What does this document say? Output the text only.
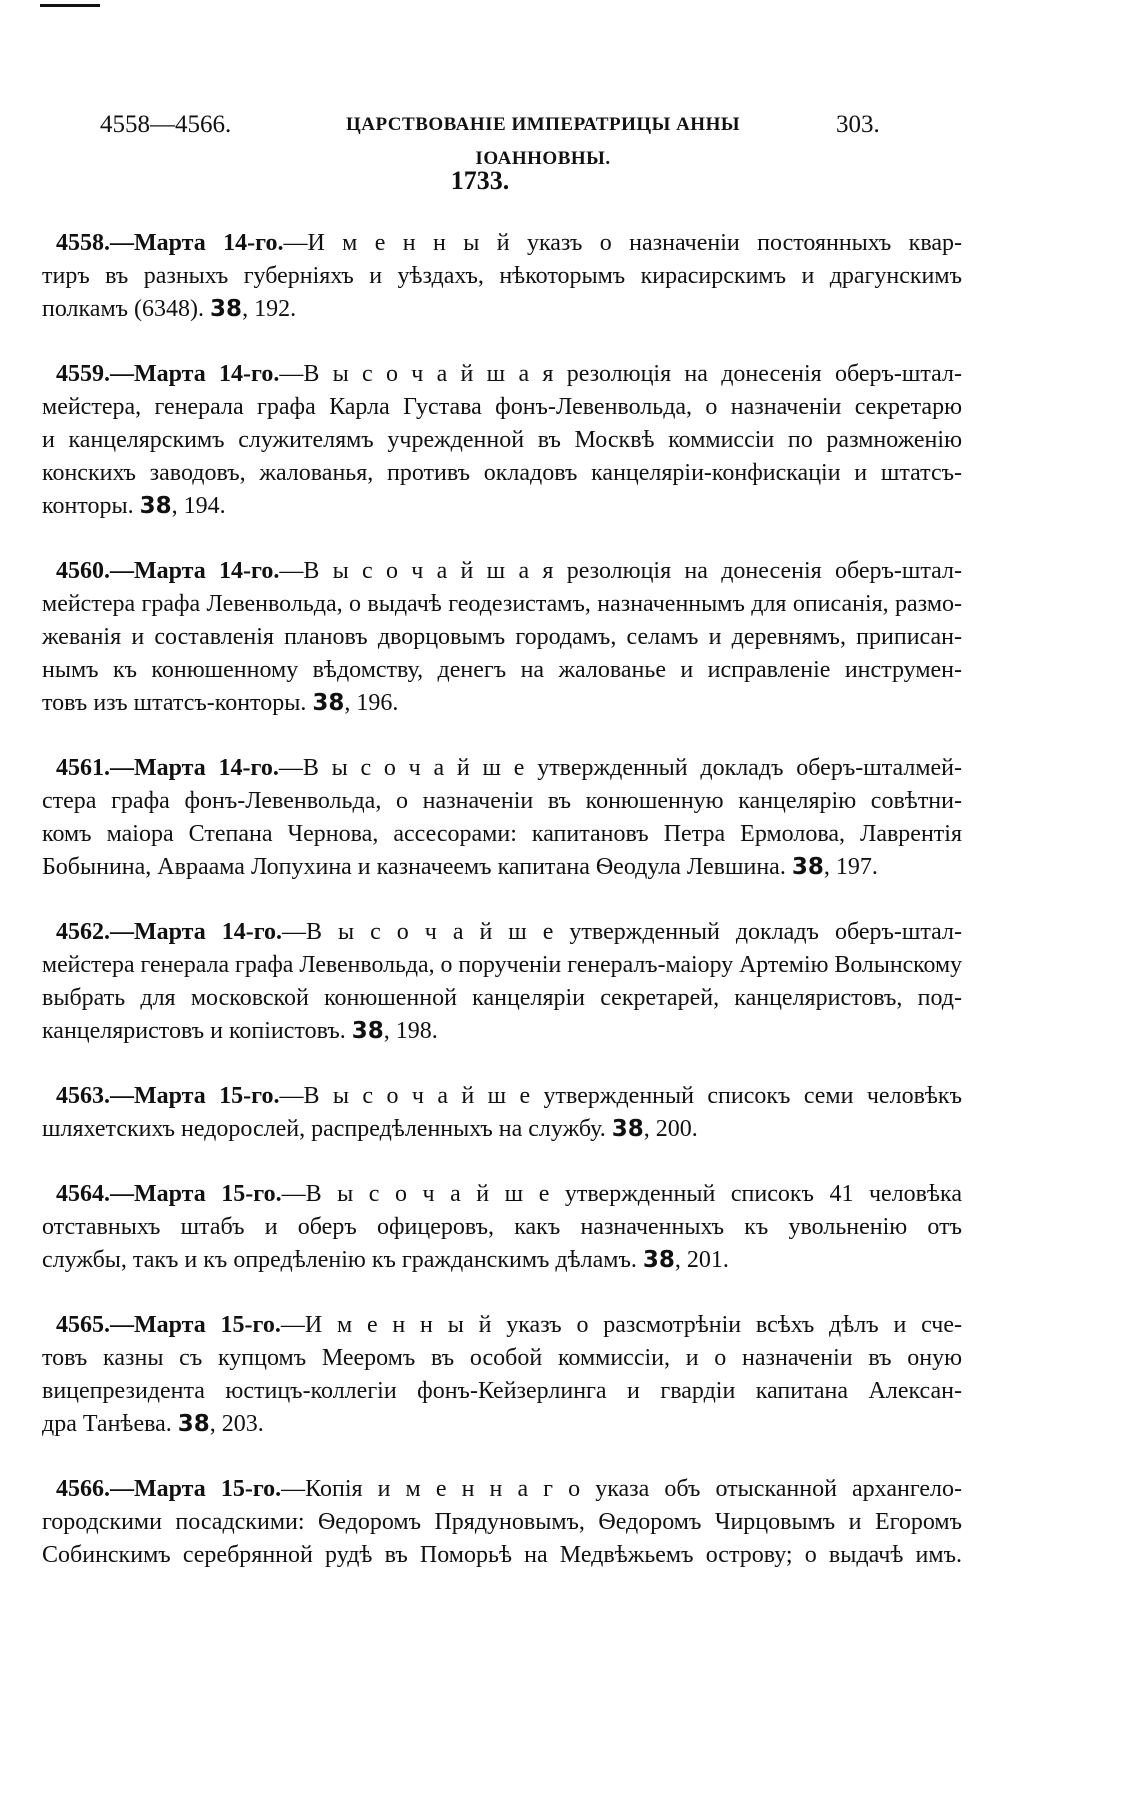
4558—4566.	ЦАРСТВОВАНІЕ ИМПЕРАТРИЦЫ АННЫ ІОАННОВНЫ.
303.
1733.
4558.—Марта 14-го.—И м е н н ы й указъ о назначеніи постоянныхъ квар-
тиръ въ разныхъ губерніяхъ и уѣздахъ, нѣкоторымъ кирасирскимъ и драгунскимъ
полкамъ (6348). 38, 192.
4559.—Марта 14-го.—В ы с о ч а й ш а я резолюція на донесенія оберъ-штал-
мейстера, генерала графа Карла Густава фонъ-Левенвольда, о назначеніи секретарю
и канцелярскимъ служителямъ учрежденной въ Москвѣ коммиссіи по размноженію
конскихъ заводовъ, жалованья, противъ окладовъ канцеляріи-конфискаціи и штатсъ-
конторы. 38, 194.
4560.—Марта 14-го.—В ы с о ч а й ш а я резолюція на донесенія оберъ-штал-
мейстера графа Левенвольда, о выдачѣ геодезистамъ, назначеннымъ для описанія, размо-
жеванія и составленія плановъ дворцовымъ городамъ, селамъ и деревнямъ, приписан-
нымъ къ конюшенному вѣдомству, денегъ на жалованье и исправленіе инструмен-
товъ изъ штатсъ-конторы. 38, 196.
4561.—Марта 14-го.—В ы с о ч а й ш е утвержденный докладъ оберъ-шталмей-
стера графа фонъ-Левенвольда, о назначеніи въ конюшенную канцелярію совѣтни-
комъ маіора Степана Чернова, ассесорами: капитановъ Петра Ермолова, Лаврентія
Бобынина, Авраама Лопухина и казначеемъ капитана Ѳеодула Левшина. 38, 197.
4562.—Марта 14-го.—В ы с о ч а й ш е утвержденный докладъ оберъ-штал-
мейстера генерала графа Левенвольда, о порученіи генералъ-маіору Артемію Волынскому
выбрать для московской конюшенной канцеляріи секретарей, канцеляристовъ, под-
канцеляристовъ и копіистовъ. 38, 198.
4563.—Марта 15-го.—В ы с о ч а й ш е утвержденный списокъ семи человѣкъ
шляхетскихъ недорослей, распредѣленныхъ на службу. 38, 200.
4564.—Марта 15-го.—В ы с о ч а й ш е утвержденный списокъ 41 человѣка
отставныхъ штабъ и оберъ офицеровъ, какъ назначенныхъ къ увольненію отъ
службы, такъ и къ опредѣленію къ гражданскимъ дѣламъ. 38, 201.
4565.—Марта 15-го.—И м е н н ы й указъ о разсмотрѣніи всѣхъ дѣлъ и сче-
товъ казны съ купцомъ Мееромъ въ особой коммиссіи, и о назначеніи въ оную
вицепрезидента юстицъ-коллегіи фонъ-Кейзерлинга и гвардіи капитана Алексан-
дра Танѣева. 38, 203.
4566.—Марта 15-го.—Копія и м е н н а г о указа объ отысканной архангело-
городскими посадскими: Ѳедоромъ Прядуновымъ, Ѳедоромъ Чирцовымъ и Егоромъ
Собинскимъ серебрянной рудѣ въ Поморьѣ на Медвѣжьемъ острову; о выдачѣ имъ.
